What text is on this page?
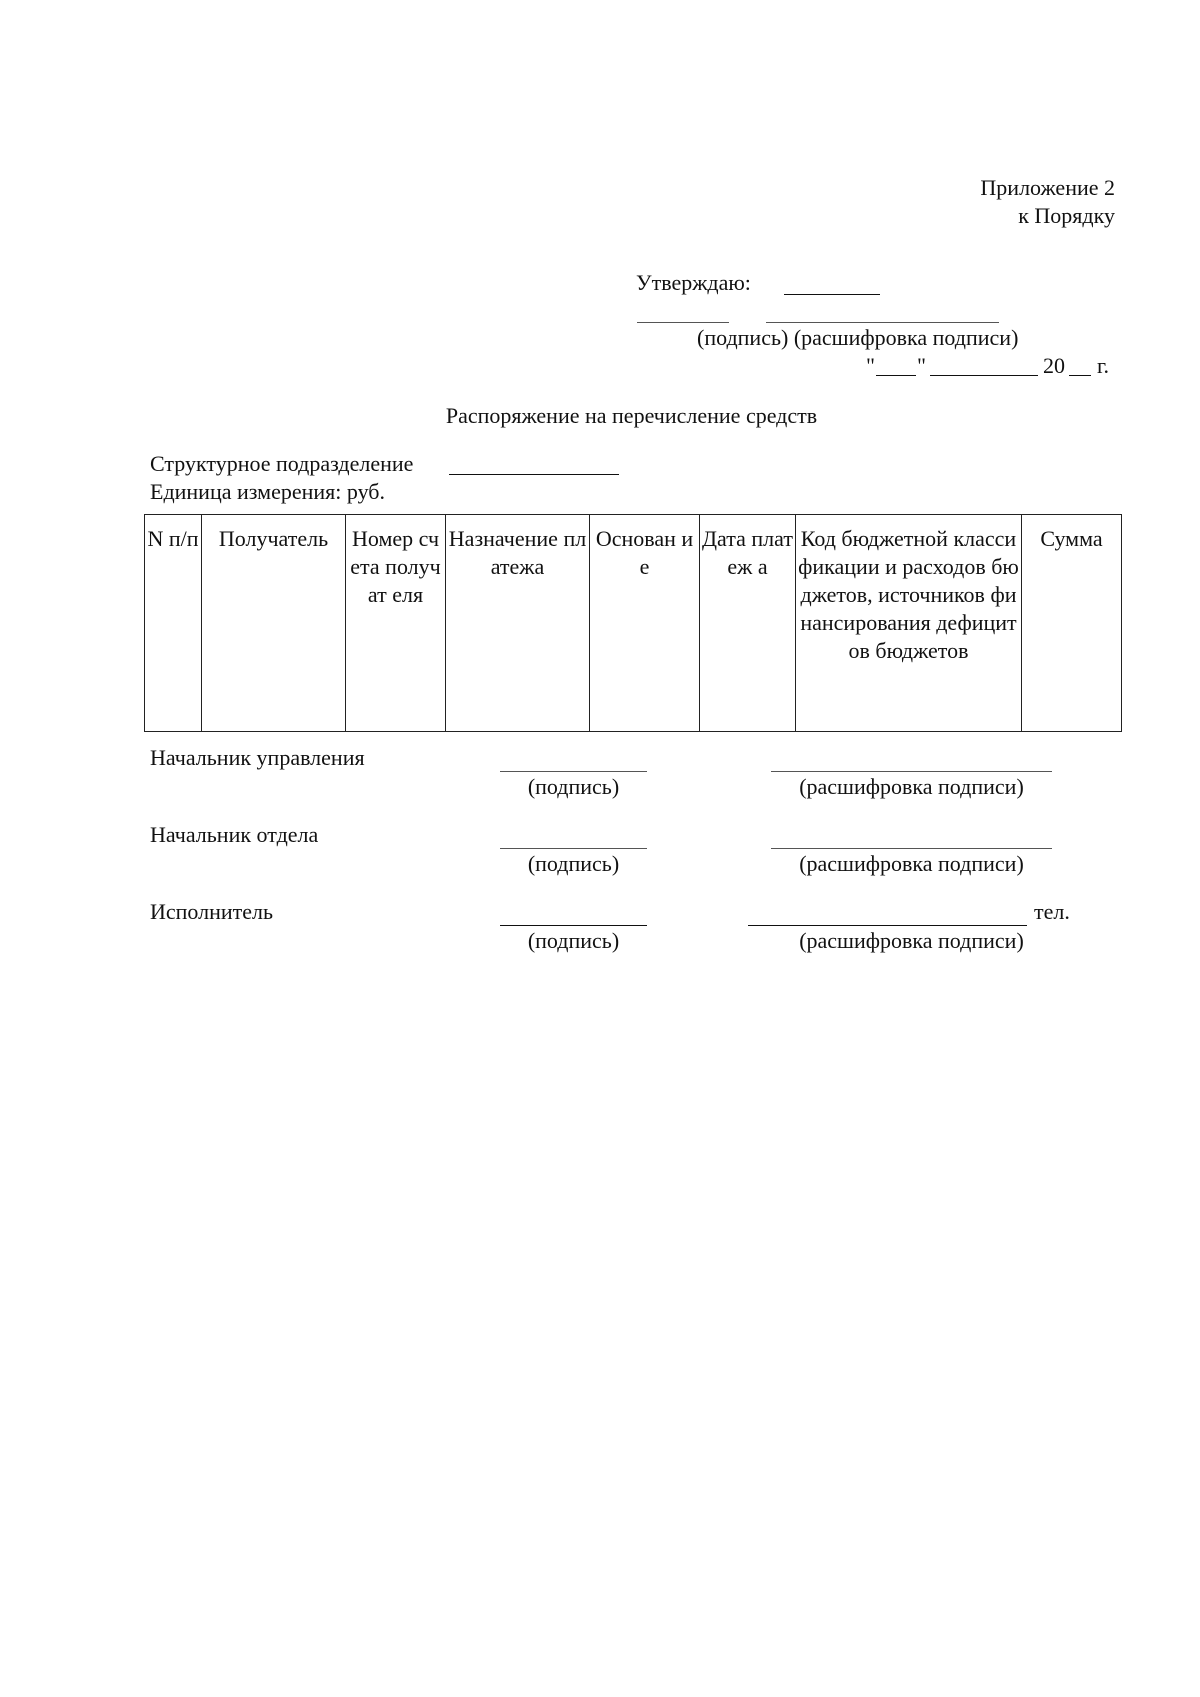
Приложение 2
к Порядку
Утверждаю:
(подпись) (расшифровка подписи)
" "	20 г.
Распоряжение на перечисление средств
Структурное подразделение
Единица измерения: руб.
N п/п	Получатель	Номер счета получат еля	Назначение платежа	Основан ие	Дата платеж а	Код бюджетной классификации и расходов бюджетов, источников финансирования дефицитов бюджетов	Сумма
Начальник управления
(подпись)	(расшифровка подписи)
Начальник отдела
(подпись)	(расшифровка подписи)
Исполнитель	тел.
(подпись)	(расшифровка подписи)
